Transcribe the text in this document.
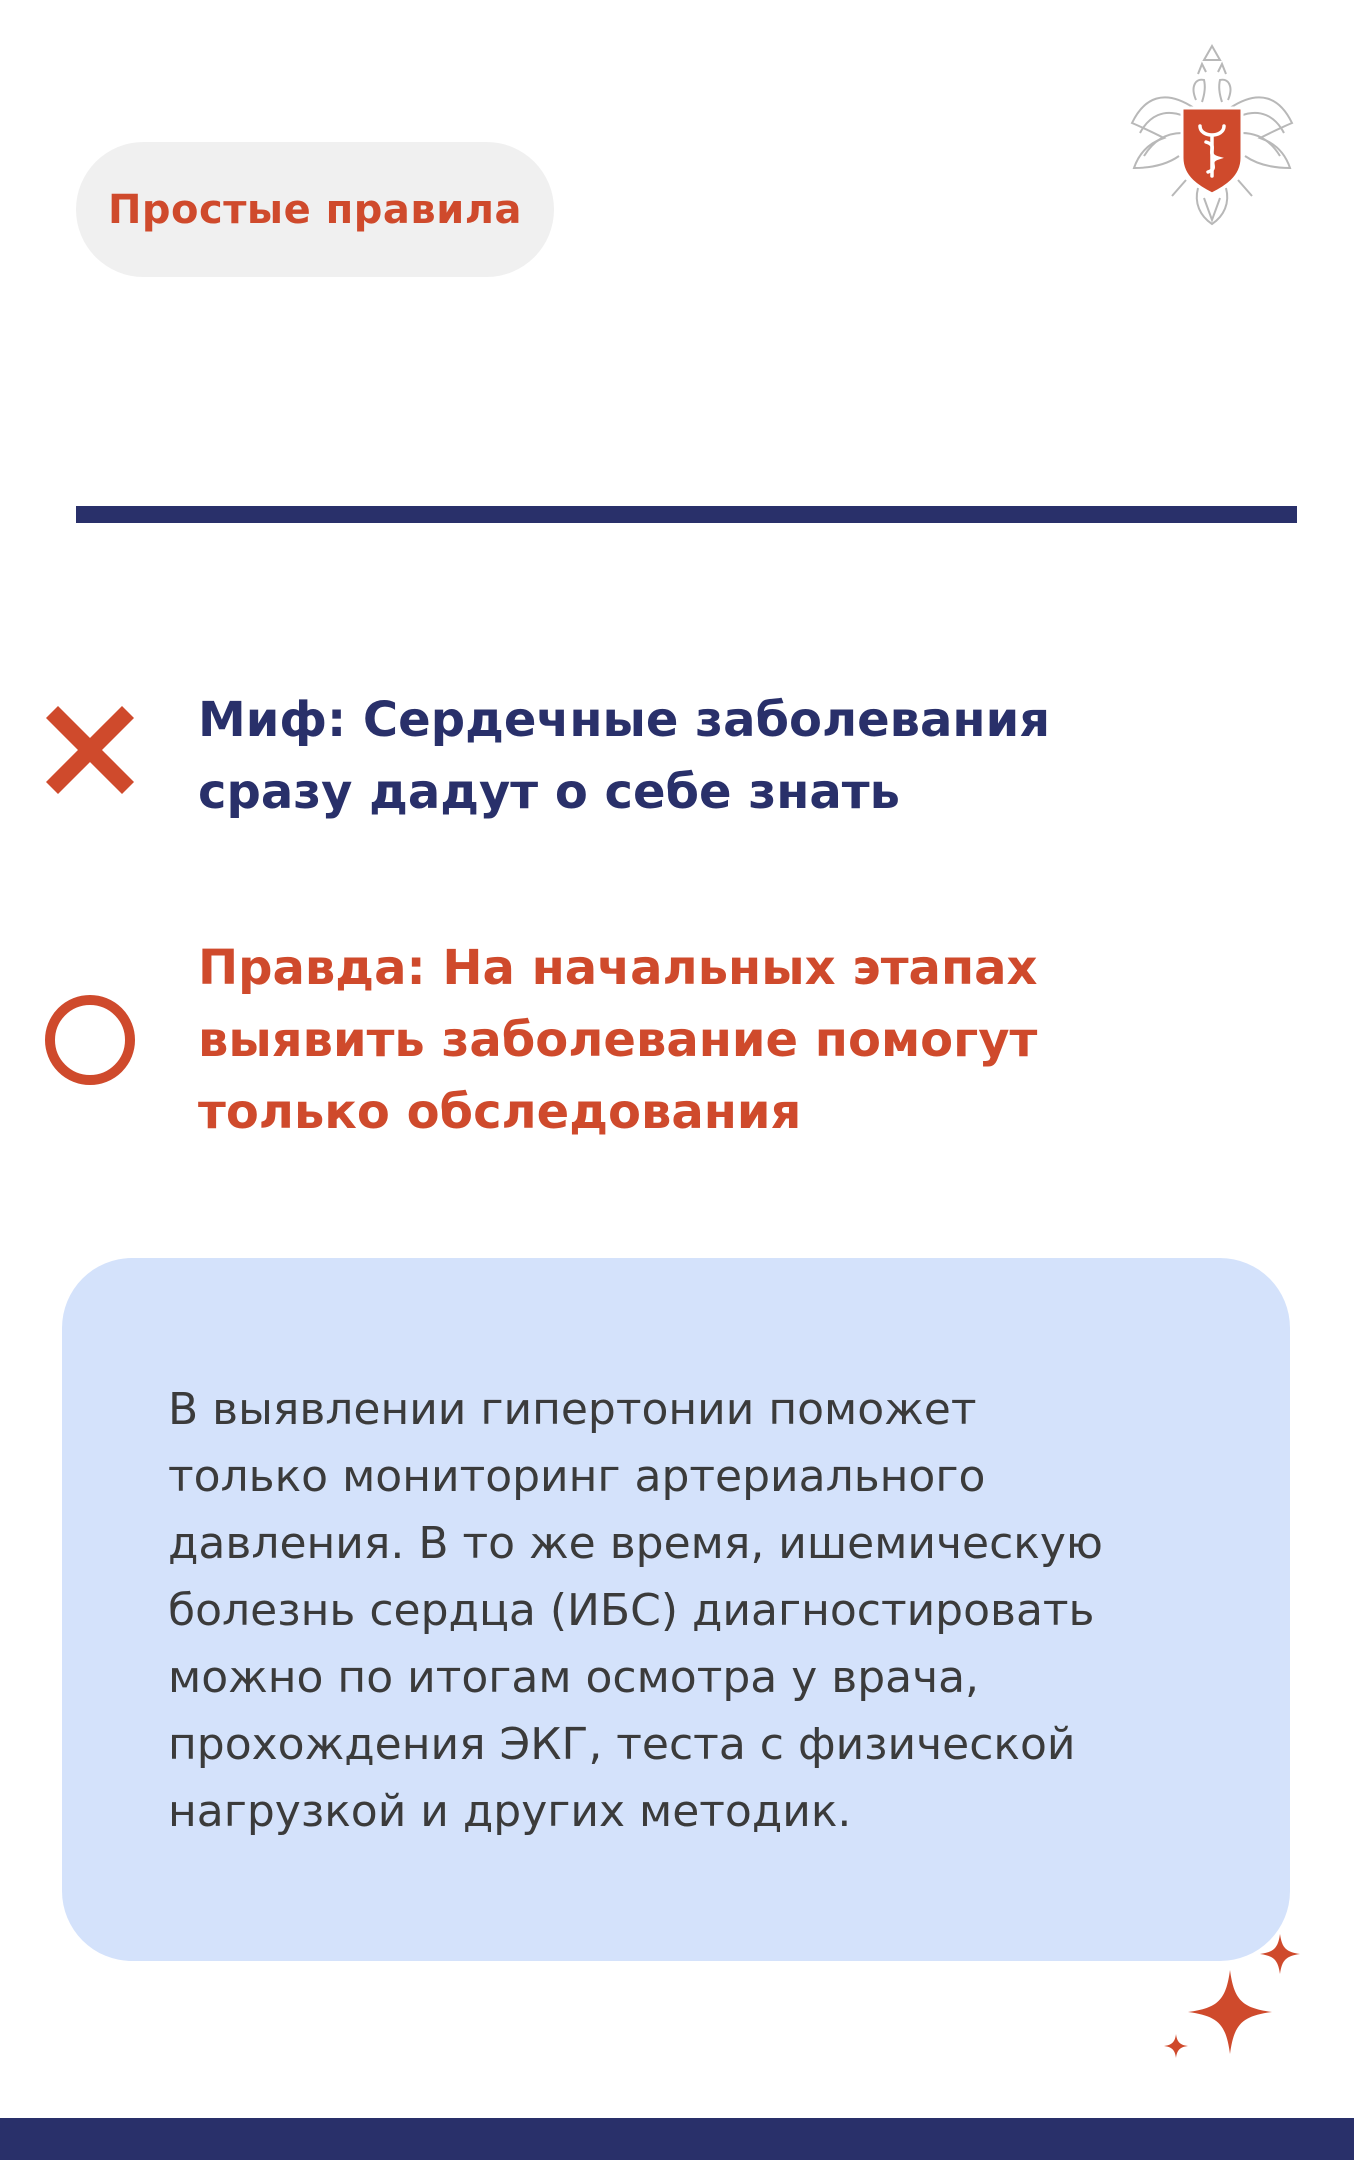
Простые правила
Миф: Сердечные заболевания
сразу дадут о себе знать
Правда: На начальных этапах
выявить заболевание помогут
только обследования
В выявлении гипертонии поможет
только мониторинг артериального
давления. В то же время, ишемическую
болезнь сердца (ИБС) диагностировать
можно по итогам осмотра у врача,
прохождения ЭКГ, теста с физической
нагрузкой и других методик.
